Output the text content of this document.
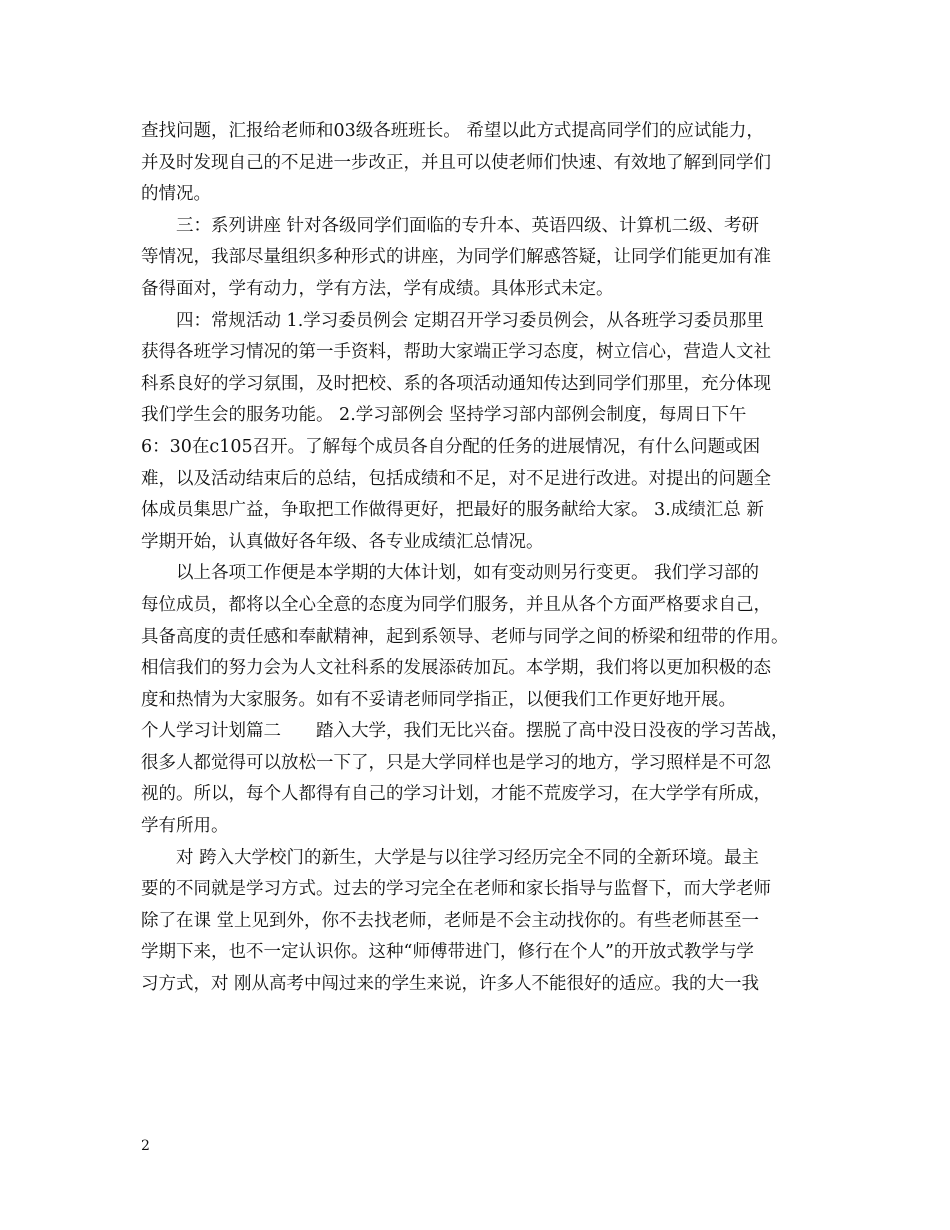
查找问题，汇报给老师和03级各班班长。 希望以此方式提高同学们的应试能力，
并及时发现自己的不足进一步改正，并且可以使老师们快速、有效地了解到同学们
的情况。
　　三：系列讲座 针对各级同学们面临的专升本、英语四级、计算机二级、考研
等情况，我部尽量组织多种形式的讲座，为同学们解惑答疑，让同学们能更加有准
备得面对，学有动力，学有方法，学有成绩。具体形式未定。
　　四：常规活动 1.学习委员例会 定期召开学习委员例会，从各班学习委员那里
获得各班学习情况的第一手资料，帮助大家端正学习态度，树立信心，营造人文社
科系良好的学习氛围，及时把校、系的各项活动通知传达到同学们那里，充分体现
我们学生会的服务功能。 2.学习部例会 坚持学习部内部例会制度，每周日下午
6：30在c105召开。了解每个成员各自分配的任务的进展情况，有什么问题或困
难，以及活动结束后的总结，包括成绩和不足，对不足进行改进。对提出的问题全
体成员集思广益，争取把工作做得更好，把最好的服务献给大家。 3.成绩汇总 新
学期开始，认真做好各年级、各专业成绩汇总情况。
　　以上各项工作便是本学期的大体计划，如有变动则另行变更。 我们学习部的
每位成员，都将以全心全意的态度为同学们服务，并且从各个方面严格要求自己，
具备高度的责任感和奉献精神，起到系领导、老师与同学之间的桥梁和纽带的作用。
相信我们的努力会为人文社科系的发展添砖加瓦。本学期，我们将以更加积极的态
度和热情为大家服务。如有不妥请老师同学指正，以便我们工作更好地开展。
个人学习计划篇二　　踏入大学，我们无比兴奋。摆脱了高中没日没夜的学习苦战，
很多人都觉得可以放松一下了，只是大学同样也是学习的地方，学习照样是不可忽
视的。所以，每个人都得有自己的学习计划，才能不荒废学习，在大学学有所成，
学有所用。
　　对 跨入大学校门的新生，大学是与以往学习经历完全不同的全新环境。最主
要的不同就是学习方式。过去的学习完全在老师和家长指导与监督下，而大学老师
除了在课 堂上见到外，你不去找老师，老师是不会主动找你的。有些老师甚至一
学期下来，也不一定认识你。这种“师傅带进门，修行在个人”的开放式教学与学
习方式，对 刚从高考中闯过来的学生来说，许多人不能很好的适应。我的大一我
2
